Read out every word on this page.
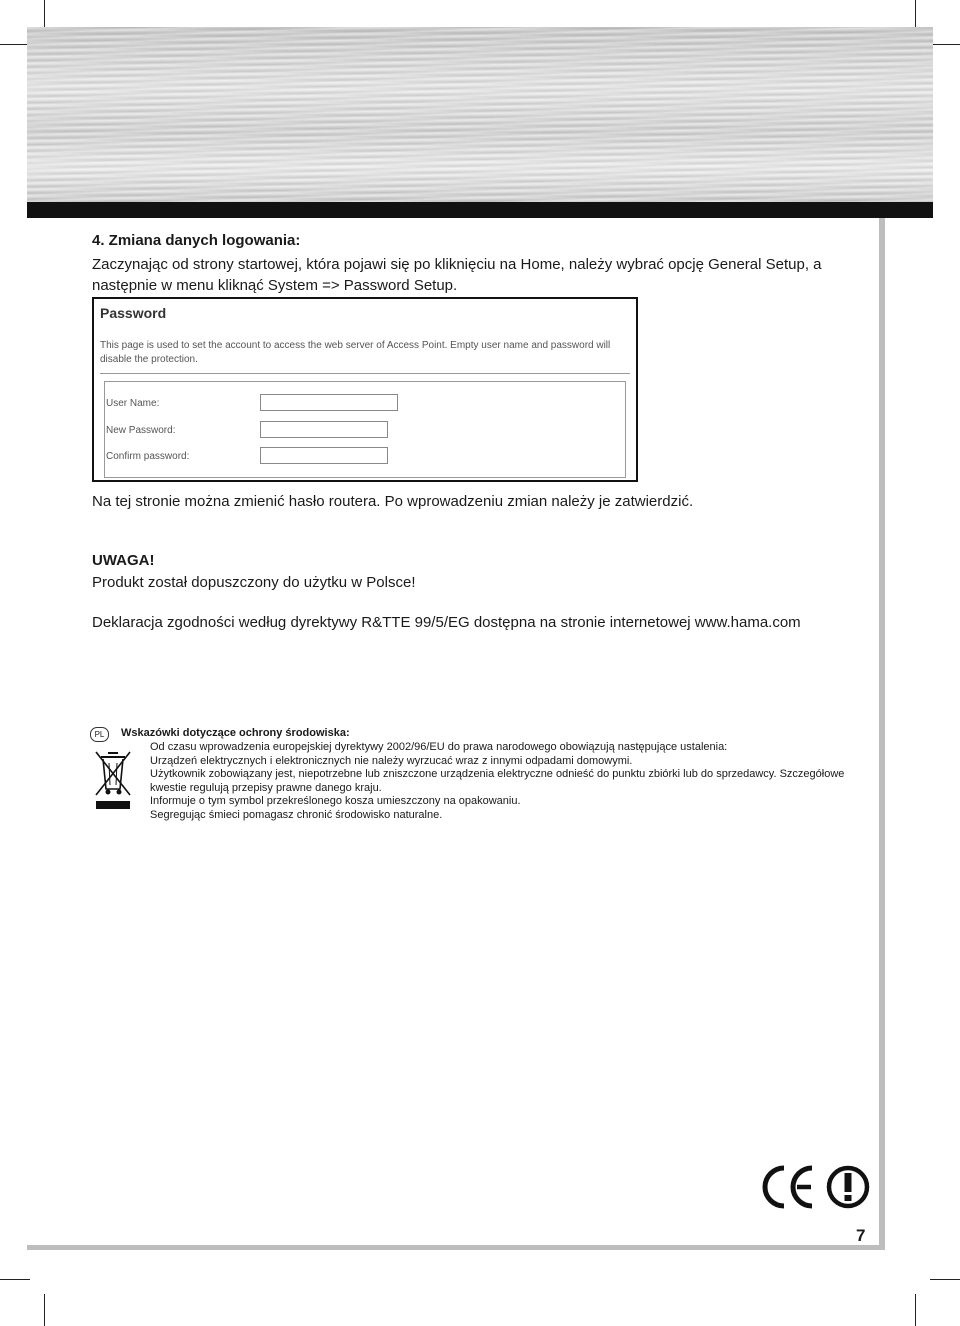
4. Zmiana danych logowania:
Zaczynając od strony startowej, która pojawi się po kliknięciu na Home, należy wybrać opcję General Setup, a
następnie w menu kliknąć System => Password Setup.
Password
This page is used to set the account to access the web server of Access Point. Empty user name and password will disable the protection.
User Name:
New Password:
Confirm password:
Na tej stronie można zmienić hasło routera. Po wprowadzeniu zmian należy je zatwierdzić.
UWAGA!
Produkt został dopuszczony do użytku w Polsce!
Deklaracja zgodności według dyrektywy R&TTE 99/5/EG dostępna na stronie internetowej www.hama.com
PL	Wskazówki dotyczące ochrony środowiska:
Od czasu wprowadzenia europejskiej dyrektywy 2002/96/EU do prawa narodowego obowiązują następujące ustalenia:
Urządzeń elektrycznych i elektronicznych nie należy wyrzucać wraz z innymi odpadami domowymi.
Użytkownik zobowiązany jest, niepotrzebne lub zniszczone urządzenia elektryczne odnieść do punktu zbiórki lub do sprzedawcy. Szczegółowe kwestie regulują przepisy prawne danego kraju.
Informuje o tym symbol przekreślonego kosza umieszczony na opakowaniu.
Segregując śmieci pomagasz chronić środowisko naturalne.
7
